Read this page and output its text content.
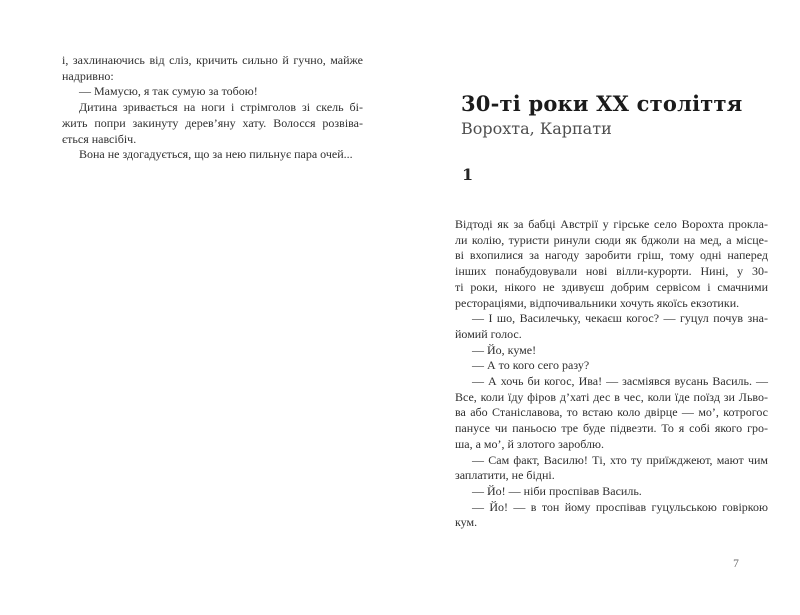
і, захлинаючись від сліз, кричить сильно й гучно, майже
надривно:
— Мамусю, я так сумую за тобою!
Дитина зривається на ноги і стрімголов зі скель бі-
жить попри закинуту дерев’яну хату. Волосся розвіва-
ється навсібіч.
Вона не здогадується, що за нею пильнує пара очей...
30-ті роки XX століття
Ворохта, Карпати
1
Відтоді як за бабці Австрії у гірське село Ворохта прокла-
ли колію, туристи ринули сюди як бджоли на мед, а місце-
ві вхопилися за нагоду заробити гріш, тому одні наперед
інших понабудовували нові вілли-курорти. Нині, у 30-
ті роки, нікого не здивуєш добрим сервісом і смачними
рестораціями, відпочивальники хочуть якоїсь екзотики.
— І шо, Василечьку, чекаєш когос? — гуцул почув зна-
йомий голос.
— Йо, куме!
— А то кого сего разу?
— А хочь би когос, Ива! — засміявся вусань Василь. —
Все, коли їду фіров д’хаті дес в чес, коли їде поїзд зи Льво-
ва або Станіславова, то встаю коло двірце — мо’, котрогос
панусе чи паньосю тре буде підвезти. То я собі якого гро-
ша, а мо’, й злотого зароблю.
— Сам факт, Василю! Ті, хто ту приїжджеют, мают чим
заплатити, не бідні.
— Йо! — ніби проспівав Василь.
— Йо! — в тон йому проспівав гуцульською говіркою
кум.
7
